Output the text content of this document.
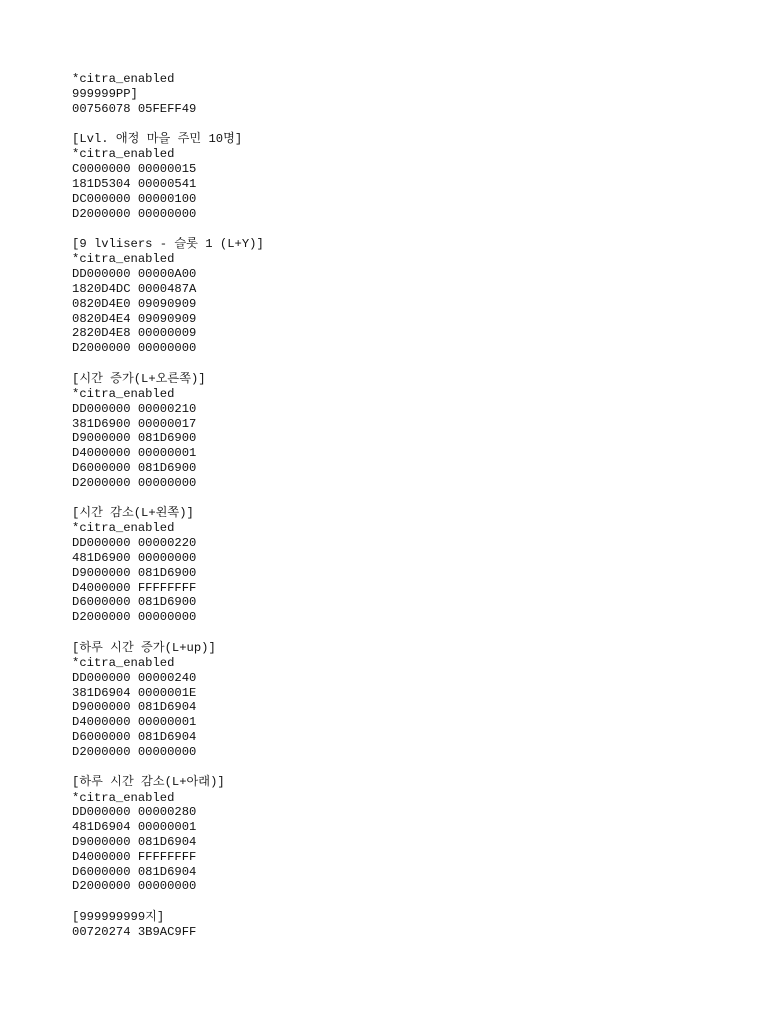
*citra_enabled
999999PP]
00756078 05FEFF49
[Lvl. 애정 마을 주민 10명]
*citra_enabled
C0000000 00000015
181D5304 00000541
DC000000 00000100
D2000000 00000000
[9 lvlisers - 슬롯 1 (L+Y)]
*citra_enabled
DD000000 00000A00
1820D4DC 0000487A
0820D4E0 09090909
0820D4E4 09090909
2820D4E8 00000009
D2000000 00000000
[시간 증가(L+오른쪽)]
*citra_enabled
DD000000 00000210
381D6900 00000017
D9000000 081D6900
D4000000 00000001
D6000000 081D6900
D2000000 00000000
[시간 감소(L+왼쪽)]
*citra_enabled
DD000000 00000220
481D6900 00000000
D9000000 081D6900
D4000000 FFFFFFFF
D6000000 081D6900
D2000000 00000000
[하루 시간 증가(L+up)]
*citra_enabled
DD000000 00000240
381D6904 0000001E
D9000000 081D6904
D4000000 00000001
D6000000 081D6904
D2000000 00000000
[하루 시간 감소(L+아래)]
*citra_enabled
DD000000 00000280
481D6904 00000001
D9000000 081D6904
D4000000 FFFFFFFF
D6000000 081D6904
D2000000 00000000
[999999999지]
00720274 3B9AC9FF
